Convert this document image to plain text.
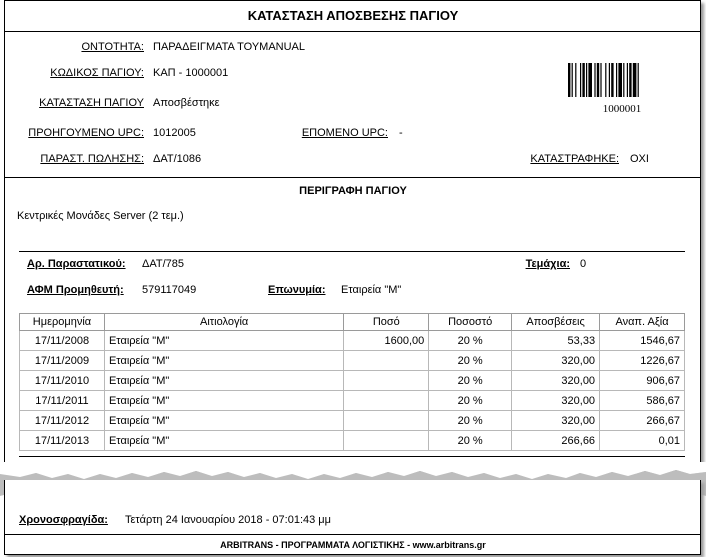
ΚΑΤΑΣΤΑΣΗ ΑΠΟΣΒΕΣΗΣ ΠΑΓΙΟΥ
ΟΝΤΟΤΗΤΑ: ΠΑΡΑΔΕΙΓΜΑΤΑ ΤΟΥMANUAL
ΚΩΔΙΚΟΣ ΠΑΓΙΟΥ: ΚΑΠ - 1000001
ΚΑΤΑΣΤΑΣΗ ΠΑΓΙΟΥ Αποσβέστηκε
ΠΡΟΗΓΟΥΜΕΝΟ UPC: 1012005	ΕΠΟΜΕΝΟ UPC: -
ΠΑΡΑΣΤ. ΠΩΛΗΣΗΣ: ΔΑΤ/1086	ΚΑΤΑΣΤΡΑΦΗΚΕ: ΟΧΙ
1000001
ΠΕΡΙΓΡΑΦΗ ΠΑΓΙΟΥ
Κεντρικές Μονάδες Server (2 τεμ.)
Αρ. Παραστατικού: ΔΑΤ/785	Τεμάχια: 0
ΑΦΜ Προμηθευτή: 579117049	Επωνυμία: Εταιρεία "Μ"
Ημερομηνία	Αιτιολογία	Ποσό	Ποσοστό	Αποσβέσεις	Αναπ. Αξία
17/11/2008	Εταιρεία "Μ"	1600,00	20 %	53,33	1546,67
17/11/2009	Εταιρεία "Μ"		20 %	320,00	1226,67
17/11/2010	Εταιρεία "Μ"		20 %	320,00	906,67
17/11/2011	Εταιρεία "Μ"		20 %	320,00	586,67
17/11/2012	Εταιρεία "Μ"		20 %	320,00	266,67
17/11/2013	Εταιρεία "Μ"		20 %	266,66	0,01
Χρονοσφραγίδα: Τετάρτη 24 Ιανουαρίου 2018 - 07:01:43 μμ
ARBITRANS - ΠΡΟΓΡΑΜΜΑΤΑ ΛΟΓΙΣΤΙΚΗΣ - www.arbitrans.gr
